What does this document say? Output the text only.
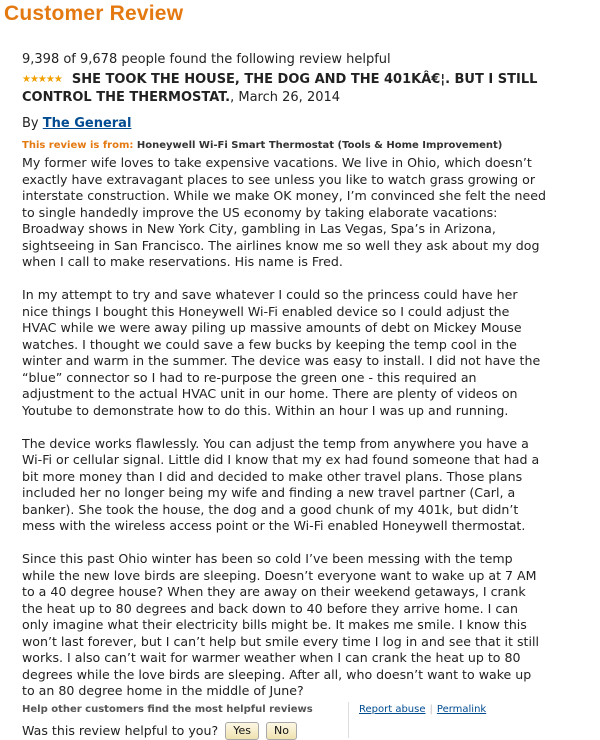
Customer Review
9,398 of 9,678 people found the following review helpful
★★★★★ SHE TOOK THE HOUSE, THE DOG AND THE 401KÂ€¦. BUT I STILL CONTROL THE THERMOSTAT., March 26, 2014
By The General
This review is from: Honeywell Wi-Fi Smart Thermostat (Tools & Home Improvement)

My former wife loves to take expensive vacations. We live in Ohio, which doesn’t
exactly have extravagant places to see unless you like to watch grass growing or
interstate construction. While we make OK money, I’m convinced she felt the need
to single handedly improve the US economy by taking elaborate vacations:
Broadway shows in New York City, gambling in Las Vegas, Spa’s in Arizona,
sightseeing in San Francisco. The airlines know me so well they ask about my dog
when I call to make reservations. His name is Fred.

In my attempt to try and save whatever I could so the princess could have her
nice things I bought this Honeywell Wi-Fi enabled device so I could adjust the
HVAC while we were away piling up massive amounts of debt on Mickey Mouse
watches. I thought we could save a few bucks by keeping the temp cool in the
winter and warm in the summer. The device was easy to install. I did not have the
“blue” connector so I had to re-purpose the green one - this required an
adjustment to the actual HVAC unit in our home. There are plenty of videos on
Youtube to demonstrate how to do this. Within an hour I was up and running.

The device works flawlessly. You can adjust the temp from anywhere you have a
Wi-Fi or cellular signal. Little did I know that my ex had found someone that had a
bit more money than I did and decided to make other travel plans. Those plans
included her no longer being my wife and finding a new travel partner (Carl, a
banker). She took the house, the dog and a good chunk of my 401k, but didn’t
mess with the wireless access point or the Wi-Fi enabled Honeywell thermostat.

Since this past Ohio winter has been so cold I’ve been messing with the temp
while the new love birds are sleeping. Doesn’t everyone want to wake up at 7 AM
to a 40 degree house? When they are away on their weekend getaways, I crank
the heat up to 80 degrees and back down to 40 before they arrive home. I can
only imagine what their electricity bills might be. It makes me smile. I know this
won’t last forever, but I can’t help but smile every time I log in and see that it still
works. I also can’t wait for warmer weather when I can crank the heat up to 80
degrees while the love birds are sleeping. After all, who doesn’t want to wake up
to an 80 degree home in the middle of June?

Help other customers find the most helpful reviews	Report abuse | Permalink
Was this review helpful to you? Yes No
